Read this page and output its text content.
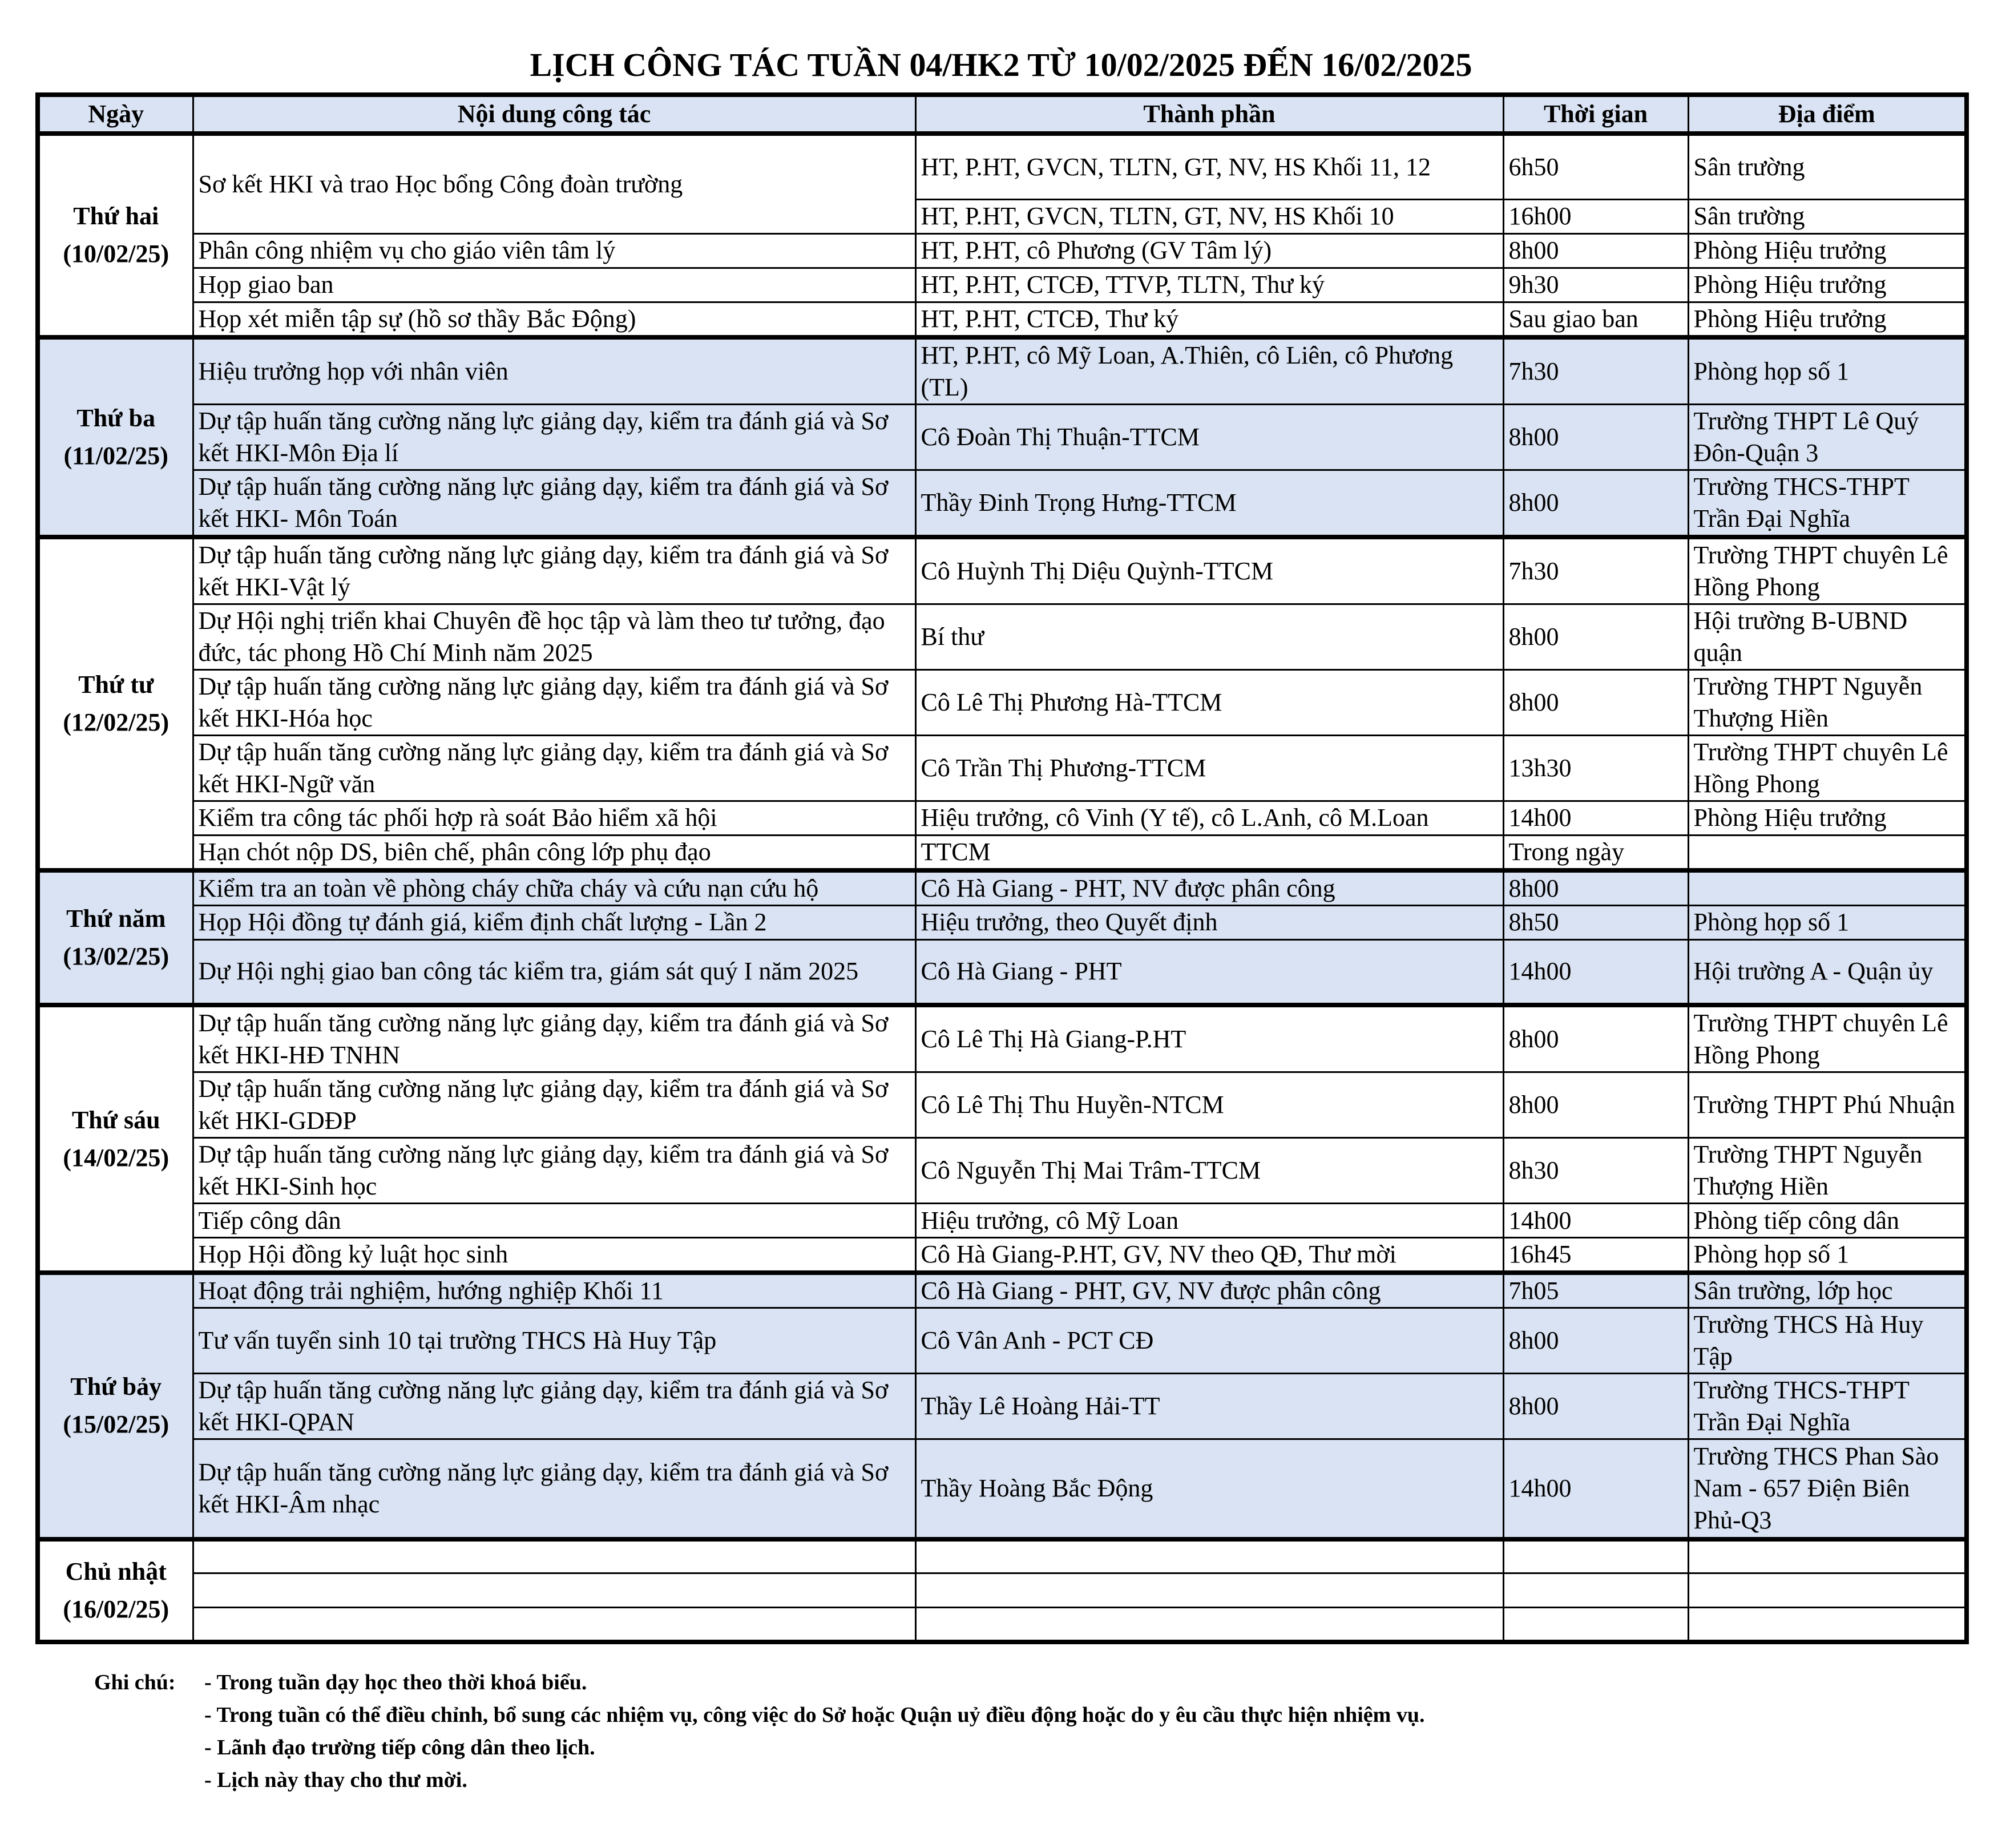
LỊCH CÔNG TÁC TUẦN 04/HK2 TỪ 10/02/2025 ĐẾN 16/02/2025
Ngày	Nội dung công tác	Thành phần	Thời gian	Địa điểm

Thứ hai
(10/02/25)	Sơ kết HKI và trao Học bổng Công đoàn trường	HT, P.HT, GVCN, TLTN, GT, NV, HS Khối 11, 12	6h50	Sân trường
		HT, P.HT, GVCN, TLTN, GT, NV, HS Khối 10	16h00	Sân trường
	Phân công nhiệm vụ cho giáo viên tâm lý	HT, P.HT, cô Phương (GV Tâm lý)	8h00	Phòng Hiệu trưởng
	Họp giao ban	HT, P.HT, CTCĐ, TTVP, TLTN, Thư ký	9h30	Phòng Hiệu trưởng
	Họp xét miễn tập sự (hồ sơ thầy Bắc Động)	HT, P.HT, CTCĐ, Thư ký	Sau giao ban	Phòng Hiệu trưởng

Thứ ba
(11/02/25)	Hiệu trưởng họp với nhân viên	HT, P.HT, cô Mỹ Loan, A.Thiên, cô Liên, cô Phương (TL)	7h30	Phòng họp số 1
	Dự tập huấn tăng cường năng lực giảng dạy, kiểm tra đánh giá và Sơ kết HKI-Môn Địa lí	Cô Đoàn Thị Thuận-TTCM	8h00	Trường THPT Lê Quý Đôn-Quận 3
	Dự tập huấn tăng cường năng lực giảng dạy, kiểm tra đánh giá và Sơ kết HKI- Môn Toán	Thầy Đinh Trọng Hưng-TTCM	8h00	Trường THCS-THPT Trần Đại Nghĩa

Thứ tư
(12/02/25)	Dự tập huấn tăng cường năng lực giảng dạy, kiểm tra đánh giá và Sơ kết HKI-Vật lý	Cô Huỳnh Thị Diệu Quỳnh-TTCM	7h30	Trường THPT chuyên Lê Hồng Phong
	Dự Hội nghị triển khai Chuyên đề học tập và làm theo tư tưởng, đạo đức, tác phong Hồ Chí Minh năm 2025	Bí thư	8h00	Hội trường B-UBND quận
	Dự tập huấn tăng cường năng lực giảng dạy, kiểm tra đánh giá và Sơ kết HKI-Hóa học	Cô Lê Thị Phương Hà-TTCM	8h00	Trường THPT Nguyễn Thượng Hiền
	Dự tập huấn tăng cường năng lực giảng dạy, kiểm tra đánh giá và Sơ kết HKI-Ngữ văn	Cô Trần Thị Phương-TTCM	13h30	Trường THPT chuyên Lê Hồng Phong
	Kiểm tra công tác phối hợp rà soát Bảo hiểm xã hội	Hiệu trưởng, cô Vinh (Y tế), cô L.Anh, cô M.Loan	14h00	Phòng Hiệu trưởng
	Hạn chót nộp DS, biên chế, phân công lớp phụ đạo	TTCM	Trong ngày	

Thứ năm
(13/02/25)	Kiểm tra an toàn về phòng cháy chữa cháy và cứu nạn cứu hộ	Cô Hà Giang - PHT, NV được phân công	8h00	
	Họp Hội đồng tự đánh giá, kiểm định chất lượng - Lần 2	Hiệu trưởng, theo Quyết định	8h50	Phòng họp số 1
	Dự Hội nghị giao ban công tác kiểm tra, giám sát quý I năm 2025	Cô Hà Giang - PHT	14h00	Hội trường A - Quận ủy

Thứ sáu
(14/02/25)	Dự tập huấn tăng cường năng lực giảng dạy, kiểm tra đánh giá và Sơ kết HKI-HĐ TNHN	Cô Lê Thị Hà Giang-P.HT	8h00	Trường THPT chuyên Lê Hồng Phong
	Dự tập huấn tăng cường năng lực giảng dạy, kiểm tra đánh giá và Sơ kết HKI-GDĐP	Cô Lê Thị Thu Huyền-NTCM	8h00	Trường THPT Phú Nhuận
	Dự tập huấn tăng cường năng lực giảng dạy, kiểm tra đánh giá và Sơ kết HKI-Sinh học	Cô Nguyễn Thị Mai Trâm-TTCM	8h30	Trường THPT Nguyễn Thượng Hiền
	Tiếp công dân	Hiệu trưởng, cô Mỹ Loan	14h00	Phòng tiếp công dân
	Họp Hội đồng kỷ luật học sinh	Cô Hà Giang-P.HT, GV, NV theo QĐ, Thư mời	16h45	Phòng họp số 1

Thứ bảy
(15/02/25)	Hoạt động trải nghiệm, hướng nghiệp Khối 11	Cô Hà Giang - PHT, GV, NV được phân công	7h05	Sân trường, lớp học
	Tư vấn tuyển sinh 10 tại trường THCS Hà Huy Tập	Cô Vân Anh - PCT CĐ	8h00	Trường THCS Hà Huy Tập
	Dự tập huấn tăng cường năng lực giảng dạy, kiểm tra đánh giá và Sơ kết HKI-QPAN	Thầy Lê Hoàng Hải-TT	8h00	Trường THCS-THPT Trần Đại Nghĩa
	Dự tập huấn tăng cường năng lực giảng dạy, kiểm tra đánh giá và Sơ kết HKI-Âm nhạc	Thầy Hoàng Bắc Động	14h00	Trường THCS Phan Sào Nam - 657 Điện Biên Phủ-Q3

Chủ nhật
(16/02/25)				

Ghi chú: - Trong tuần dạy học theo thời khoá biểu.
- Trong tuần có thể điều chỉnh, bổ sung các nhiệm vụ, công việc do Sở hoặc Quận uỷ điều động hoặc do y êu cầu thực hiện nhiệm vụ.
- Lãnh đạo trường tiếp công dân theo lịch.
- Lịch này thay cho thư mời.
